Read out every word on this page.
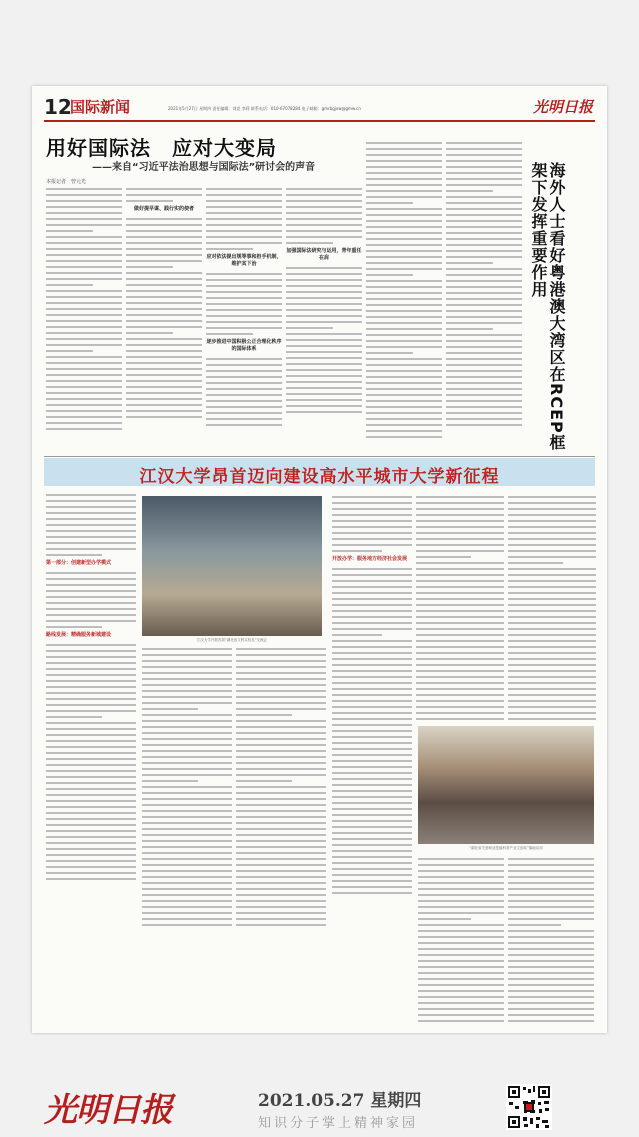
12
国际新闻	2021年5月27日 星期四 责任编辑：刘竞 李莉 联系电话：010-67078284 电子邮箱：gmrbgjxw@gmw.cn	光明日报
用好国际法　应对大变局
——来自“习近平法治思想与国际法”研讨会的声音
本报记者　曾元光
做好提早谋、践行实的使者
应对依法提出规等事和担手机制，维护其下治
逐步推进中国积极公正合理化秩序的国际体系
加强国际法研究与运用，青年重任在肩	海外人士看好粤港澳大湾区在RCEP框架下发挥重要作用
江汉大学昂首迈向建设高水平城市大学新征程
第一部分：创建新型办学模式
路线发展：精确服务新城建设
江汉大学开展首届“湖北省文科实验室”交流会
开放办学：服务地方经济社会发展
“湖北省关爱职业技能科普产业文创站”落地启用
光明日报	2021.05.27 星期四
知识分子掌上精神家园
